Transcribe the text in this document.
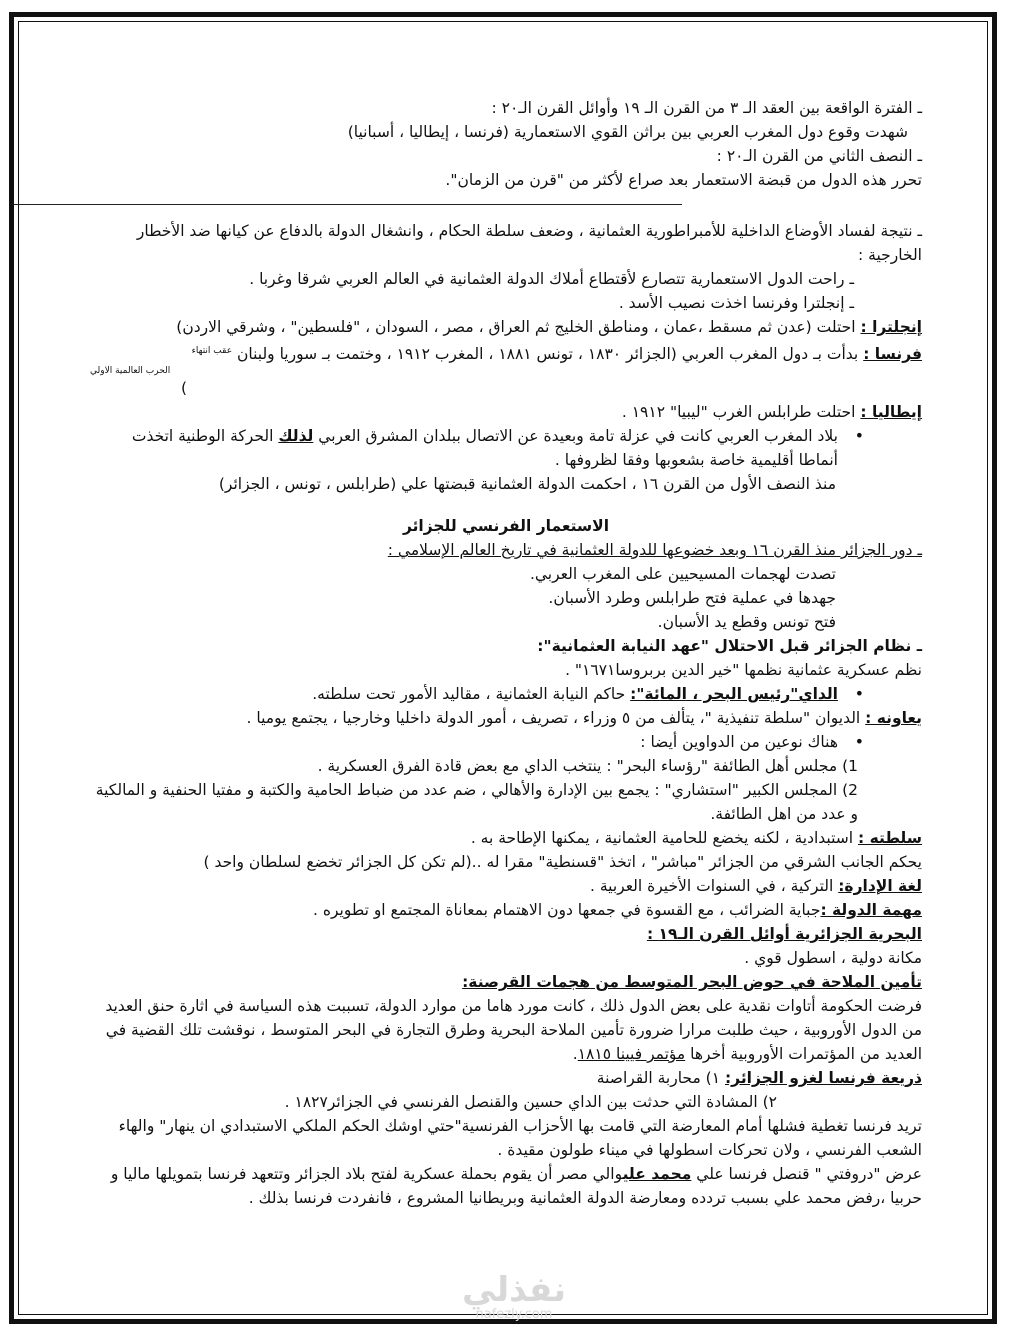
ـ الفترة الواقعة بين العقد الـ ٣ من القرن الـ ١٩ وأوائل القرن الـ٢٠ :
شهدت وقوع دول المغرب العربي بين براثن القوي الاستعمارية (فرنسا ، إيطاليا ، أسبانيا)
ـ النصف الثاني من القرن الـ٢٠ :
تحرر هذه الدول من قبضة الاستعمار بعد صراع لأكثر من "قرن من الزمان".
ـ نتيجة لفساد الأوضاع الداخلية للأمبراطورية العثمانية ، وضعف سلطة الحكام ، وانشغال الدولة بالدفاع عن كيانها ضد الأخطار الخارجية :
ـ راحت الدول الاستعمارية تتصارع لأقتطاع أملاك الدولة العثمانية في العالم العربي شرقا وغربا .
ـ إنجلترا وفرنسا اخذت نصيب الأسد .
إنجلترا : احتلت (عدن ثم مسقط ،عمان ، ومناطق الخليج ثم العراق ، مصر ، السودان ، "فلسطين" ، وشرقي الاردن)
فرنسا : بدأت بـ دول المغرب العربي (الجزائر ١٨٣٠ ، تونس ١٨٨١ ، المغرب ١٩١٢ ، وختمت بـ سوريا ولبنان $^{عقب انتهاء}$
الحرب العالمية الاولي
)
إيطاليا : احتلت طرابلس الغرب "ليبيا" ١٩١٢ .
• بلاد المغرب العربي كانت في عزلة تامة وبعيدة عن الاتصال ببلدان المشرق العربي لذلك الحركة الوطنية اتخذت أنماطا أقليمية خاصة بشعوبها وفقا لظروفها .
منذ النصف الأول من القرن ١٦ ، احكمت الدولة العثمانية قبضتها علي (طرابلس ، تونس ، الجزائر)
الاستعمار الفرنسي للجزائر
ـ دور الجزائر منذ القرن ١٦ وبعد خضوعها للدولة العثمانية في تاريخ العالم الإسلامي :
تصدت لهجمات المسيحيين على المغرب العربي.
جهدها في عملية فتح طرابلس وطرد الأسبان.
فتح تونس وقطع يد الأسبان.
ـ نظام الجزائر قبل الاحتلال "عهد النيابة العثمانية":
نظم عسكرية عثمانية نظمها "خير الدين بربروسا١٦٧١" .
• الداي"رئيس البحر ، المائة": حاكم النيابة العثمانية ، مقاليد الأمور تحت سلطته.
يعاونه : الديوان "سلطة تنفيذية "، يتألف من ٥ وزراء ، تصريف ، أمور الدولة داخليا وخارجيا ، يجتمع يوميا .
• هناك نوعين من الدواوين أيضا :
1) مجلس أهل الطائفة "رؤساء البحر" : ينتخب الداي مع بعض قادة الفرق العسكرية .
2) المجلس الكبير "استشاري" : يجمع بين الإدارة والأهالي ، ضم عدد من ضباط الحامية والكتبة و مفتيا الحنفية و المالكية و عدد من اهل الطائفة.
سلطته : استبدادية ، لكنه يخضع للحامية العثمانية ، يمكنها الإطاحة به .
يحكم الجانب الشرقي من الجزائر "مباشر" ، اتخذ "قسنطية" مقرا له ..(لم تكن كل الجزائر تخضع لسلطان واحد )
لغة الإدارة: التركية ، في السنوات الأخيرة العربية .
مهمة الدولة :جباية الضرائب ، مع القسوة في جمعها دون الاهتمام بمعاناة المجتمع او تطويره .
البحرية الجزائرية أوائل القرن الـ١٩ :
مكانة دولية ، اسطول قوي .
تأمين الملاحة في حوض البحر المتوسط من هجمات القرصنة:
فرضت الحكومة أتاوات نقدية على بعض الدول ذلك ، كانت مورد هاما من موارد الدولة، تسببت هذه السياسة في اثارة حنق العديد من الدول الأوروبية ، حيث طلبت مرارا ضرورة تأمين الملاحة البحرية وطرق التجارة في البحر المتوسط ، نوقشت تلك القضية في العديد من المؤتمرات الأوروبية أخرها مؤتمر فيينا ١٨١٥.
ذريعة فرنسا لغزو الجزائر: ١) محاربة القراصنة
٢) المشادة التي حدثت بين الداي حسين والقنصل الفرنسي في الجزائر١٨٢٧ .
تريد فرنسا تغطية فشلها أمام المعارضة التي قامت بها الأحزاب الفرنسية"حتي اوشك الحكم الملكي الاستبدادي ان ينهار" والهاء الشعب الفرنسي ، ولان تحركات اسطولها في ميناء طولون مقيدة .
عرض "دروفتي " قنصل فرنسا علي محمد عليوالي مصر أن يقوم بحملة عسكرية لفتح بلاد الجزائر وتتعهد فرنسا بتمويلها ماليا و حربيا ،رفض محمد علي بسبب تردده ومعارضة الدولة العثمانية وبريطانيا المشروع ، فانفردت فرنسا بذلك .
نفذلي
nafezly.com
